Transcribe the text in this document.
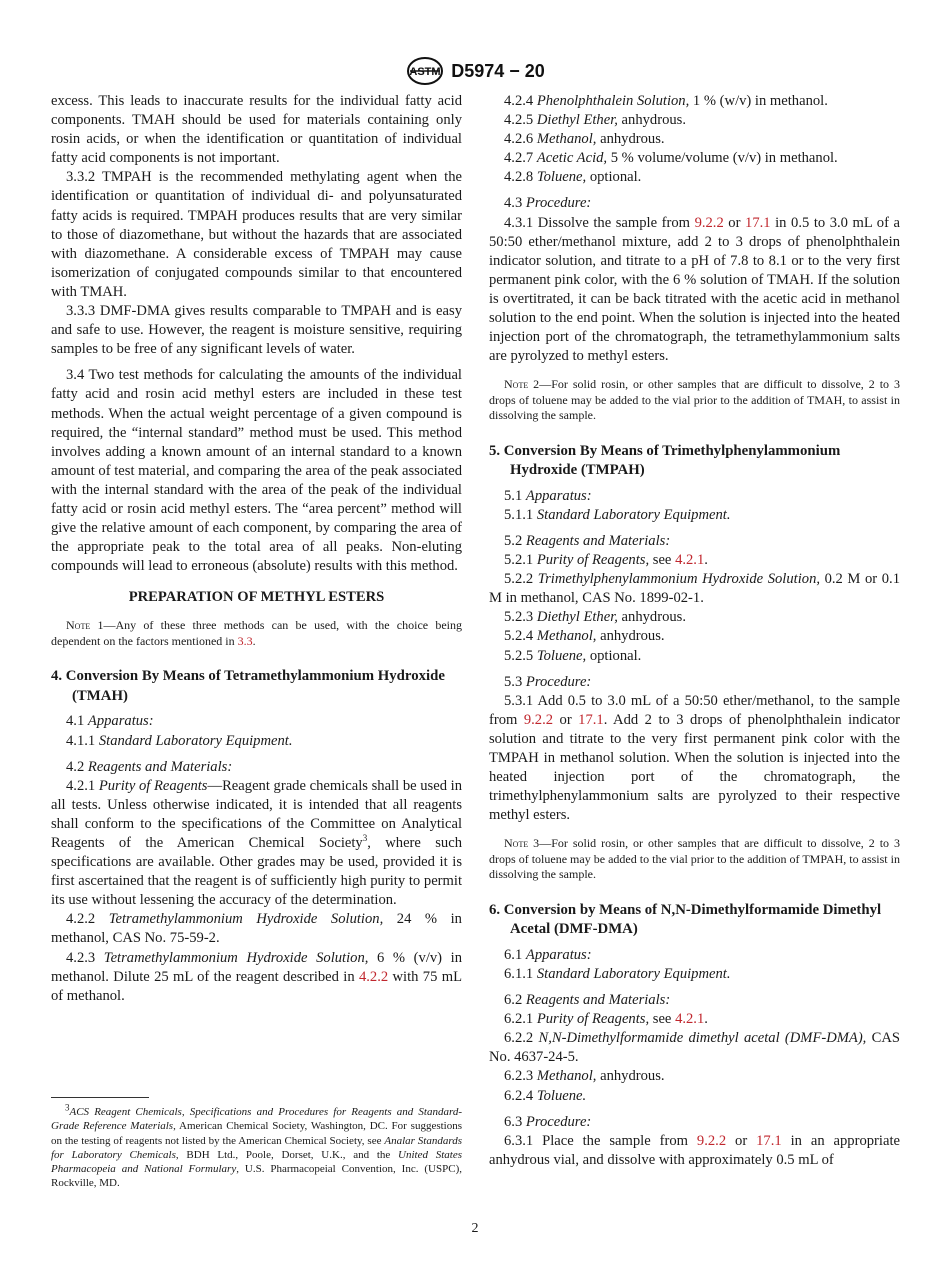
ASTM D5974 − 20

excess. This leads to inaccurate results for the individual fatty acid components. TMAH should be used for materials containing only rosin acids, or when the identification or quantitation of individual fatty acid components is not important.

3.3.2 TMPAH is the recommended methylating agent when the identification or quantitation of individual di- and polyunsaturated fatty acids is required. TMPAH produces results that are very similar to those of diazomethane, but without the hazards that are associated with diazomethane. A considerable excess of TMPAH may cause isomerization of conjugated compounds similar to that encountered with TMAH.

3.3.3 DMF-DMA gives results comparable to TMPAH and is easy and safe to use. However, the reagent is moisture sensitive, requiring samples to be free of any significant levels of water.

3.4 Two test methods for calculating the amounts of the individual fatty acid and rosin acid methyl esters are included in these test methods. When the actual weight percentage of a given compound is required, the “internal standard” method must be used. This method involves adding a known amount of an internal standard to a known amount of test material, and comparing the area of the peak associated with the internal standard with the area of the peak of the individual fatty acid or rosin acid methyl esters. The “area percent” method will give the relative amount of each component, by comparing the area of the appropriate peak to the total area of all peaks. Non-eluting compounds will lead to erroneous (absolute) results with this method.

PREPARATION OF METHYL ESTERS

Note 1—Any of these three methods can be used, with the choice being dependent on the factors mentioned in 3.3.

4. Conversion By Means of Tetramethylammonium Hydroxide (TMAH)

4.1 Apparatus:

4.1.1 Standard Laboratory Equipment.

4.2 Reagents and Materials:

4.2.1 Purity of Reagents—Reagent grade chemicals shall be used in all tests. Unless otherwise indicated, it is intended that all reagents shall conform to the specifications of the Committee on Analytical Reagents of the American Chemical Society$^3$, where such specifications are available. Other grades may be used, provided it is first ascertained that the reagent is of sufficiently high purity to permit its use without lessening the accuracy of the determination.

4.2.2 Tetramethylammonium Hydroxide Solution, 24 % in methanol, CAS No. 75-59-2.

4.2.3 Tetramethylammonium Hydroxide Solution, 6 % (v/v) in methanol. Dilute 25 mL of the reagent described in 4.2.2 with 75 mL of methanol.

$^3$ACS Reagent Chemicals, Specifications and Procedures for Reagents and Standard-Grade Reference Materials, American Chemical Society, Washington, DC. For suggestions on the testing of reagents not listed by the American Chemical Society, see Analar Standards for Laboratory Chemicals, BDH Ltd., Poole, Dorset, U.K., and the United States Pharmacopeia and National Formulary, U.S. Pharmacopeial Convention, Inc. (USPC), Rockville, MD.

4.2.4 Phenolphthalein Solution, 1 % (w/v) in methanol.

4.2.5 Diethyl Ether, anhydrous.

4.2.6 Methanol, anhydrous.

4.2.7 Acetic Acid, 5 % volume/volume (v/v) in methanol.

4.2.8 Toluene, optional.

4.3 Procedure:

4.3.1 Dissolve the sample from 9.2.2 or 17.1 in 0.5 to 3.0 mL of a 50:50 ether/methanol mixture, add 2 to 3 drops of phenolphthalein indicator solution, and titrate to a pH of 7.8 to 8.1 or to the very first permanent pink color, with the 6 % solution of TMAH. If the solution is overtitrated, it can be back titrated with the acetic acid in methanol solution to the end point. When the solution is injected into the heated injection port of the chromatograph, the tetramethylammonium salts are pyrolyzed to methyl esters.

Note 2—For solid rosin, or other samples that are difficult to dissolve, 2 to 3 drops of toluene may be added to the vial prior to the addition of TMAH, to assist in dissolving the sample.

5. Conversion By Means of Trimethylphenylammonium Hydroxide (TMPAH)

5.1 Apparatus:

5.1.1 Standard Laboratory Equipment.

5.2 Reagents and Materials:

5.2.1 Purity of Reagents, see 4.2.1.

5.2.2 Trimethylphenylammonium Hydroxide Solution, 0.2 M or 0.1 M in methanol, CAS No. 1899-02-1.

5.2.3 Diethyl Ether, anhydrous.

5.2.4 Methanol, anhydrous.

5.2.5 Toluene, optional.

5.3 Procedure:

5.3.1 Add 0.5 to 3.0 mL of a 50:50 ether/methanol, to the sample from 9.2.2 or 17.1. Add 2 to 3 drops of phenolphthalein indicator solution and titrate to the very first permanent pink color with the TMPAH in methanol solution. When the solution is injected into the heated injection port of the chromatograph, the trimethylphenylammonium salts are pyrolyzed to their respective methyl esters.

Note 3—For solid rosin, or other samples that are difficult to dissolve, 2 to 3 drops of toluene may be added to the vial prior to the addition of TMPAH, to assist in dissolving the sample.

6. Conversion by Means of N,N-Dimethylformamide Dimethyl Acetal (DMF-DMA)

6.1 Apparatus:

6.1.1 Standard Laboratory Equipment.

6.2 Reagents and Materials:

6.2.1 Purity of Reagents, see 4.2.1.

6.2.2 N,N-Dimethylformamide dimethyl acetal (DMF-DMA), CAS No. 4637-24-5.

6.2.3 Methanol, anhydrous.

6.2.4 Toluene.

6.3 Procedure:

6.3.1 Place the sample from 9.2.2 or 17.1 in an appropriate anhydrous vial, and dissolve with approximately 0.5 mL of

2
